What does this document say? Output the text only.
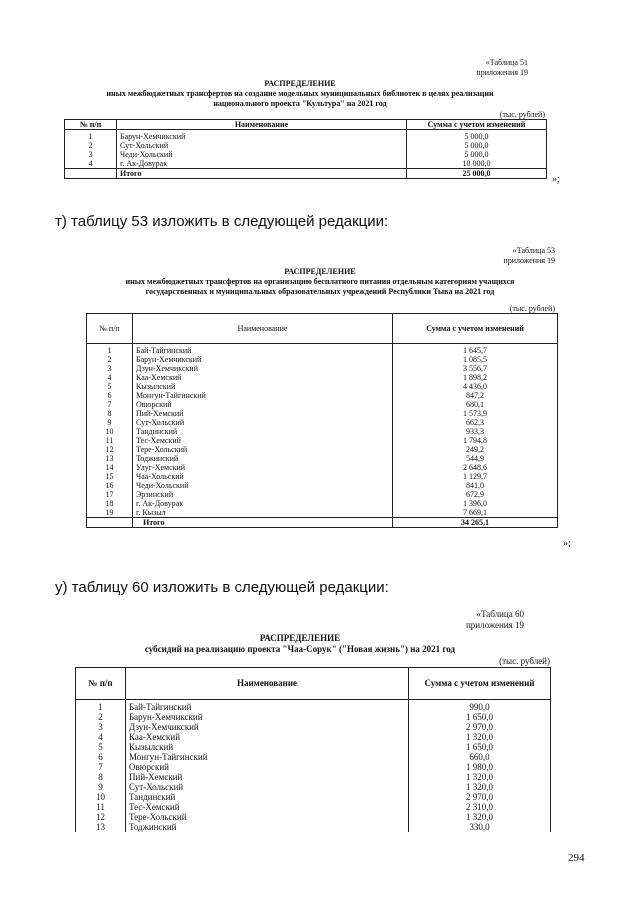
«Таблица 51
приложения 19
РАСПРЕДЕЛЕНИЕ
иных межбюджетных трансфертов на создание модельных муниципальных библиотек в целях реализации
национального проекта "Культура" на 2021 год
(тыс. рублей)
№ п/п	Наименование	Сумма с учетом изменений
1	Барун-Хемчикский	5 000,0
2	Сут-Хольский	5 000,0
3	Чеди-Хольский	5 000,0
4	г. Ак-Довурак	10 000,0
	Итого	25 000,0
»;
т) таблицу 53 изложить в следующей редакции:
«Таблица 53
приложения 19
РАСПРЕДЕЛЕНИЕ
иных межбюджетных трансфертов на организацию бесплатного питания отдельным категориям учащихся
государственных и муниципальных образовательных учреждений Республики Тыва на 2021 год
(тыс. рублей)
№ п/п	Наименование	Сумма с учетом изменений
1	Бай-Тайгинский	1 645,7
2	Барун-Хемчикский	1 085,5
3	Дзун-Хемчикский	3 556,7
4	Каа-Хемский	1 898,2
5	Кызылский	4 436,0
6	Монгун-Тайгинский	847,2
7	Овюрский	680,1
8	Пий-Хемский	1 573,9
9	Сут-Хольский	662,3
10	Тандинский	933,3
11	Тес-Хемский	1 794,8
12	Тере-Хольский	249,2
13	Тоджинский	544,9
14	Улуг-Хемский	2 648,6
15	Чаа-Хольский	1 129,7
16	Чеди-Хольский	841,0
17	Эрзинский	672,9
18	г. Ак-Довурак	1 396,0
19	г. Кызыл	7 669,1
	Итого	34 265,1
»;
у) таблицу 60 изложить в следующей редакции:
«Таблица 60
приложения 19
РАСПРЕДЕЛЕНИЕ
субсидий на реализацию проекта "Чаа-Сорук" ("Новая жизнь") на 2021 год
(тыс. рублей)
№ п/п	Наименование	Сумма с учетом изменений
1	Бай-Тайгинский	990,0
2	Барун-Хемчикский	1 650,0
3	Дзун-Хемчикский	2 970,0
4	Каа-Хемский	1 320,0
5	Кызылский	1 650,0
6	Монгун-Тайгинский	660,0
7	Овюрский	1 980,0
8	Пий-Хемский	1 320,0
9	Сут-Хольский	1 320,0
10	Тандинский	2 970,0
11	Тес-Хемский	2 310,0
12	Тере-Хольский	1 320,0
13	Тоджинский	330,0
294
